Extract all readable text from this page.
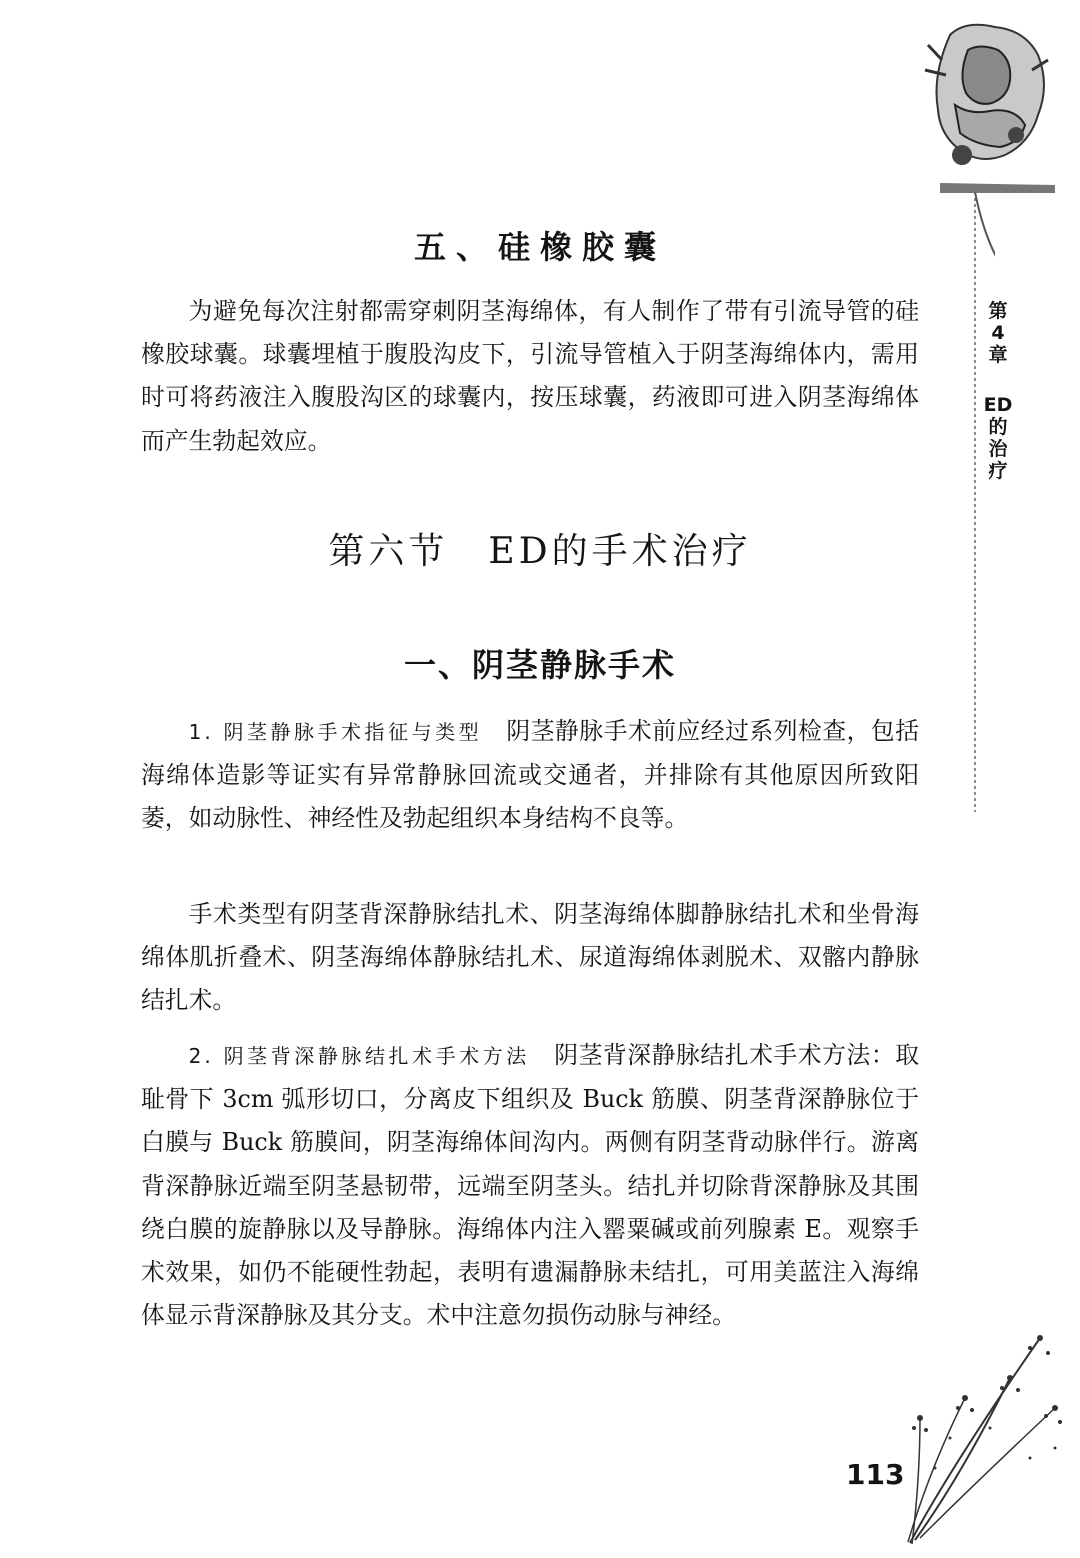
第
4
章
ED
的
治
疗
五、硅橡胶囊

为避免每次注射都需穿刺阴茎海绵体，有人制作了带有引流导管的硅橡胶球囊。球囊埋植于腹股沟皮下，引流导管植入于阴茎海绵体内，需用时可将药液注入腹股沟区的球囊内，按压球囊，药液即可进入阴茎海绵体而产生勃起效应。

第六节　ED的手术治疗
一、阴茎静脉手术

1. 阴茎静脉手术指征与类型　 阴茎静脉手术前应经过系列检查，包括海绵体造影等证实有异常静脉回流或交通者，并排除有其他原因所致阳萎，如动脉性、神经性及勃起组织本身结构不良等。

手术类型有阴茎背深静脉结扎术、阴茎海绵体脚静脉结扎术和坐骨海绵体肌折叠术、阴茎海绵体静脉结扎术、尿道海绵体剥脱术、双髂内静脉结扎术。

2. 阴茎背深静脉结扎术手术方法　 阴茎背深静脉结扎术手术方法：取耻骨下 3cm 弧形切口，分离皮下组织及 Buck 筋膜、阴茎背深静脉位于白膜与 Buck 筋膜间，阴茎海绵体间沟内。两侧有阴茎背动脉伴行。游离背深静脉近端至阴茎悬韧带，远端至阴茎头。结扎并切除背深静脉及其围绕白膜的旋静脉以及导静脉。海绵体内注入罂粟碱或前列腺素 E。观察手术效果，如仍不能硬性勃起，表明有遗漏静脉未结扎，可用美蓝注入海绵体显示背深静脉及其分支。术中注意勿损伤动脉与神经。

113
